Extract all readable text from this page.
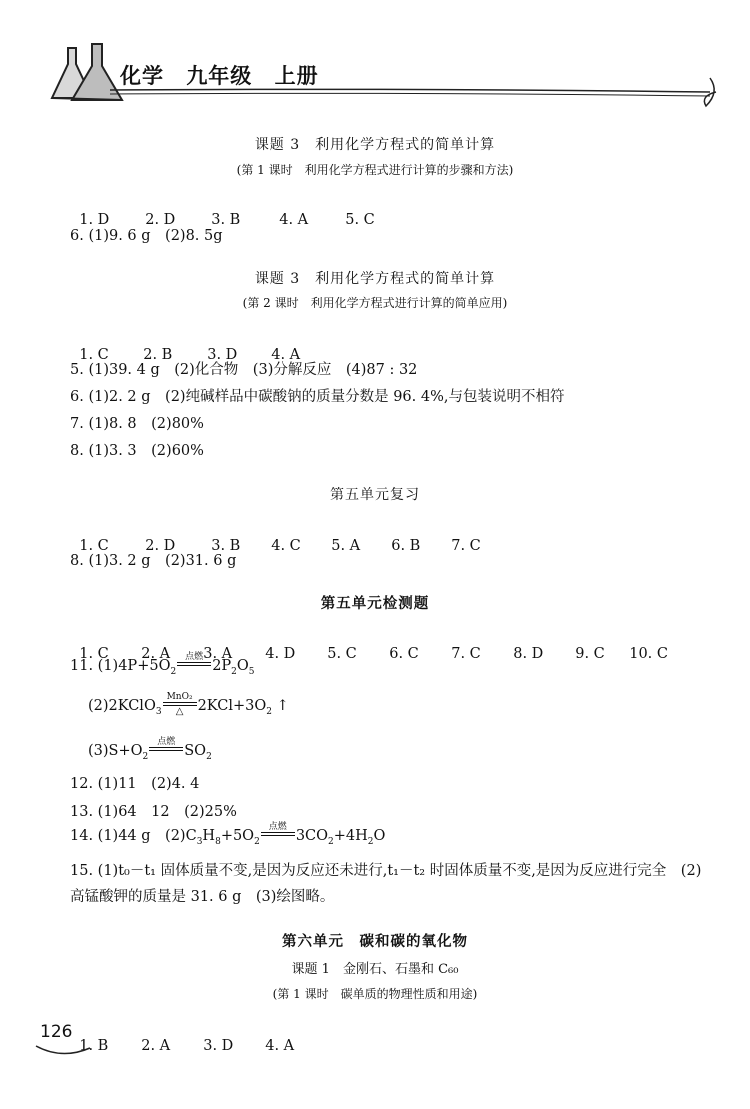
化学 九年级 上册
课题 3　利用化学方程式的简单计算
(第 1 课时　利用化学方程式进行计算的步骤和方法)

1. D 2. D 3. B	4. A	5. C

6. (1)9. 6 g　(2)8. 5g
课题 3　利用化学方程式的简单计算
(第 2 课时　利用化学方程式进行计算的简单应用)

1. C 2. B 3. D 4. A

5. (1)39. 4 g　(2)化合物　(3)分解反应　(4)87 : 32
6. (1)2. 2 g　(2)纯碱样品中碳酸钠的质量分数是 96. 4%,与包装说明不相符
7. (1)8. 8　(2)80%
8. (1)3. 3　(2)60%
第五单元复习

1. C	2. D 3. B 4. C 5. A 6. B 7. C

8. (1)3. 2 g　(2)31. 6 g
第五单元检测题

1. C 2. A 3. A 4. D 5. C 6. C 7. C 8. D 9. C 10. C

11. $(1)4P+5O_2$
点燃

$2P_2O_5$
(2)2KClO$_3$
MnO₂
△ $2KCl+3O_2$ ↑
$(3)S+O_2$
点燃

$SO_2$
12. (1)11　(2)4. 4
13. (1)64　12　(2)25%
14. (1)44 g　$(2)C_3H_8+5O_2$
点燃

$3CO_2+4H_2O$
15. (1)t₀－t₁ 固体质量不变,是因为反应还未进行,t₁－t₂ 时固体质量不变,是因为反应进行完全　(2)高锰酸钾的质量是 31. 6 g　(3)绘图略。
第六单元　碳和碳的氧化物
课题 1　金刚石、石墨和 C₆₀
(第 1 课时　碳单质的物理性质和用途)

1. B 2. A 3. D 4. A

126
